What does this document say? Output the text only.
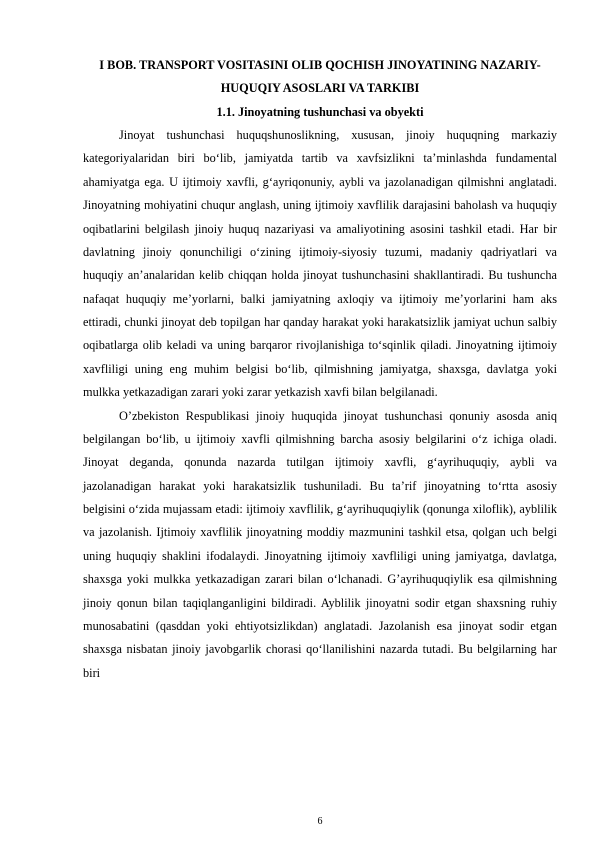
I BOB. TRANSPORT VOSITASINI OLIB QOCHISH JINOYATINING NAZARIY-HUQUQIY ASOSLARI VA TARKIBI
1.1. Jinoyatning tushunchasi va obyekti

Jinoyat tushunchasi huquqshunoslikning, xususan, jinoiy huquqning markaziy kategoriyalaridan biri bo‘lib, jamiyatda tartib va xavfsizlikni ta’minlashda fundamental ahamiyatga ega. U ijtimoiy xavfli, g‘ayriqonuniy, aybli va jazolanadigan qilmishni anglatadi. Jinoyatning mohiyatini chuqur anglash, uning ijtimoiy xavflilik darajasini baholash va huquqiy oqibatlarini belgilash jinoiy huquq nazariyasi va amaliyotining asosini tashkil etadi. Har bir davlatning jinoiy qonunchiligi o‘zining ijtimoiy-siyosiy tuzumi, madaniy qadriyatlari va huquqiy an’analaridan kelib chiqqan holda jinoyat tushunchasini shakllantiradi. Bu tushuncha nafaqat huquqiy me’yorlarni, balki jamiyatning axloqiy va ijtimoiy me’yorlarini ham aks ettiradi, chunki jinoyat deb topilgan har qanday harakat yoki harakatsizlik jamiyat uchun salbiy oqibatlarga olib keladi va uning barqaror rivojlanishiga to‘sqinlik qiladi. Jinoyatning ijtimoiy xavfliligi uning eng muhim belgisi bo‘lib, qilmishning jamiyatga, shaxsga, davlatga yoki mulkka yetkazadigan zarari yoki zarar yetkazish xavfi bilan belgilanadi.

O’zbekiston Respublikasi jinoiy huquqida jinoyat tushunchasi qonuniy asosda aniq belgilangan bo‘lib, u ijtimoiy xavfli qilmishning barcha asosiy belgilarini o‘z ichiga oladi. Jinoyat deganda, qonunda nazarda tutilgan ijtimoiy xavfli, g‘ayrihuquqiy, aybli va jazolanadigan harakat yoki harakatsizlik tushuniladi. Bu ta’rif jinoyatning to‘rtta asosiy belgisini o‘zida mujassam etadi: ijtimoiy xavflilik, g‘ayrihuquqiylik (qonunga xiloflik), ayblilik va jazolanish. Ijtimoiy xavflilik jinoyatning moddiy mazmunini tashkil etsa, qolgan uch belgi uning huquqiy shaklini ifodalaydi. Jinoyatning ijtimoiy xavfliligi uning jamiyatga, davlatga, shaxsga yoki mulkka yetkazadigan zarari bilan o‘lchanadi. G’ayrihuquqiylik esa qilmishning jinoiy qonun bilan taqiqlanganligini bildiradi. Ayblilik jinoyatni sodir etgan shaxsning ruhiy munosabatini (qasddan yoki ehtiyotsizlikdan) anglatadi. Jazolanish esa jinoyat sodir etgan shaxsga nisbatan jinoiy javobgarlik chorasi qo‘llanilishini nazarda tutadi. Bu belgilarning har biri

6
